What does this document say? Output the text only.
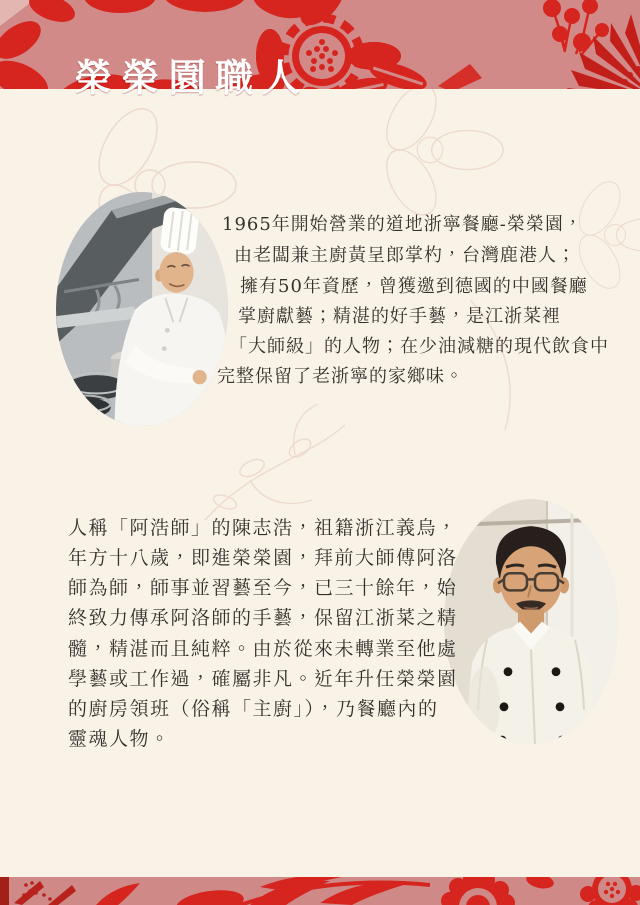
榮榮園職人
1965年開始營業的道地浙寧餐廳-榮榮園，
由老闆兼主廚黃呈郎掌杓，台灣鹿港人；
擁有50年資歷，曾獲邀到德國的中國餐廳
掌廚獻藝；精湛的好手藝，是江浙菜裡
「大師級」的人物；在少油減糖的現代飲食中
完整保留了老浙寧的家鄉味。
人稱「阿浩師」的陳志浩，祖籍浙江義烏，
年方十八歲，即進榮榮園，拜前大師傅阿洛
師為師，師事並習藝至今，已三十餘年，始
終致力傳承阿洛師的手藝，保留江浙菜之精
髓，精湛而且純粹。由於從來未轉業至他處
學藝或工作過，確屬非凡。近年升任榮榮園
的廚房領班（俗稱「主廚」），乃餐廳內的
靈魂人物。
